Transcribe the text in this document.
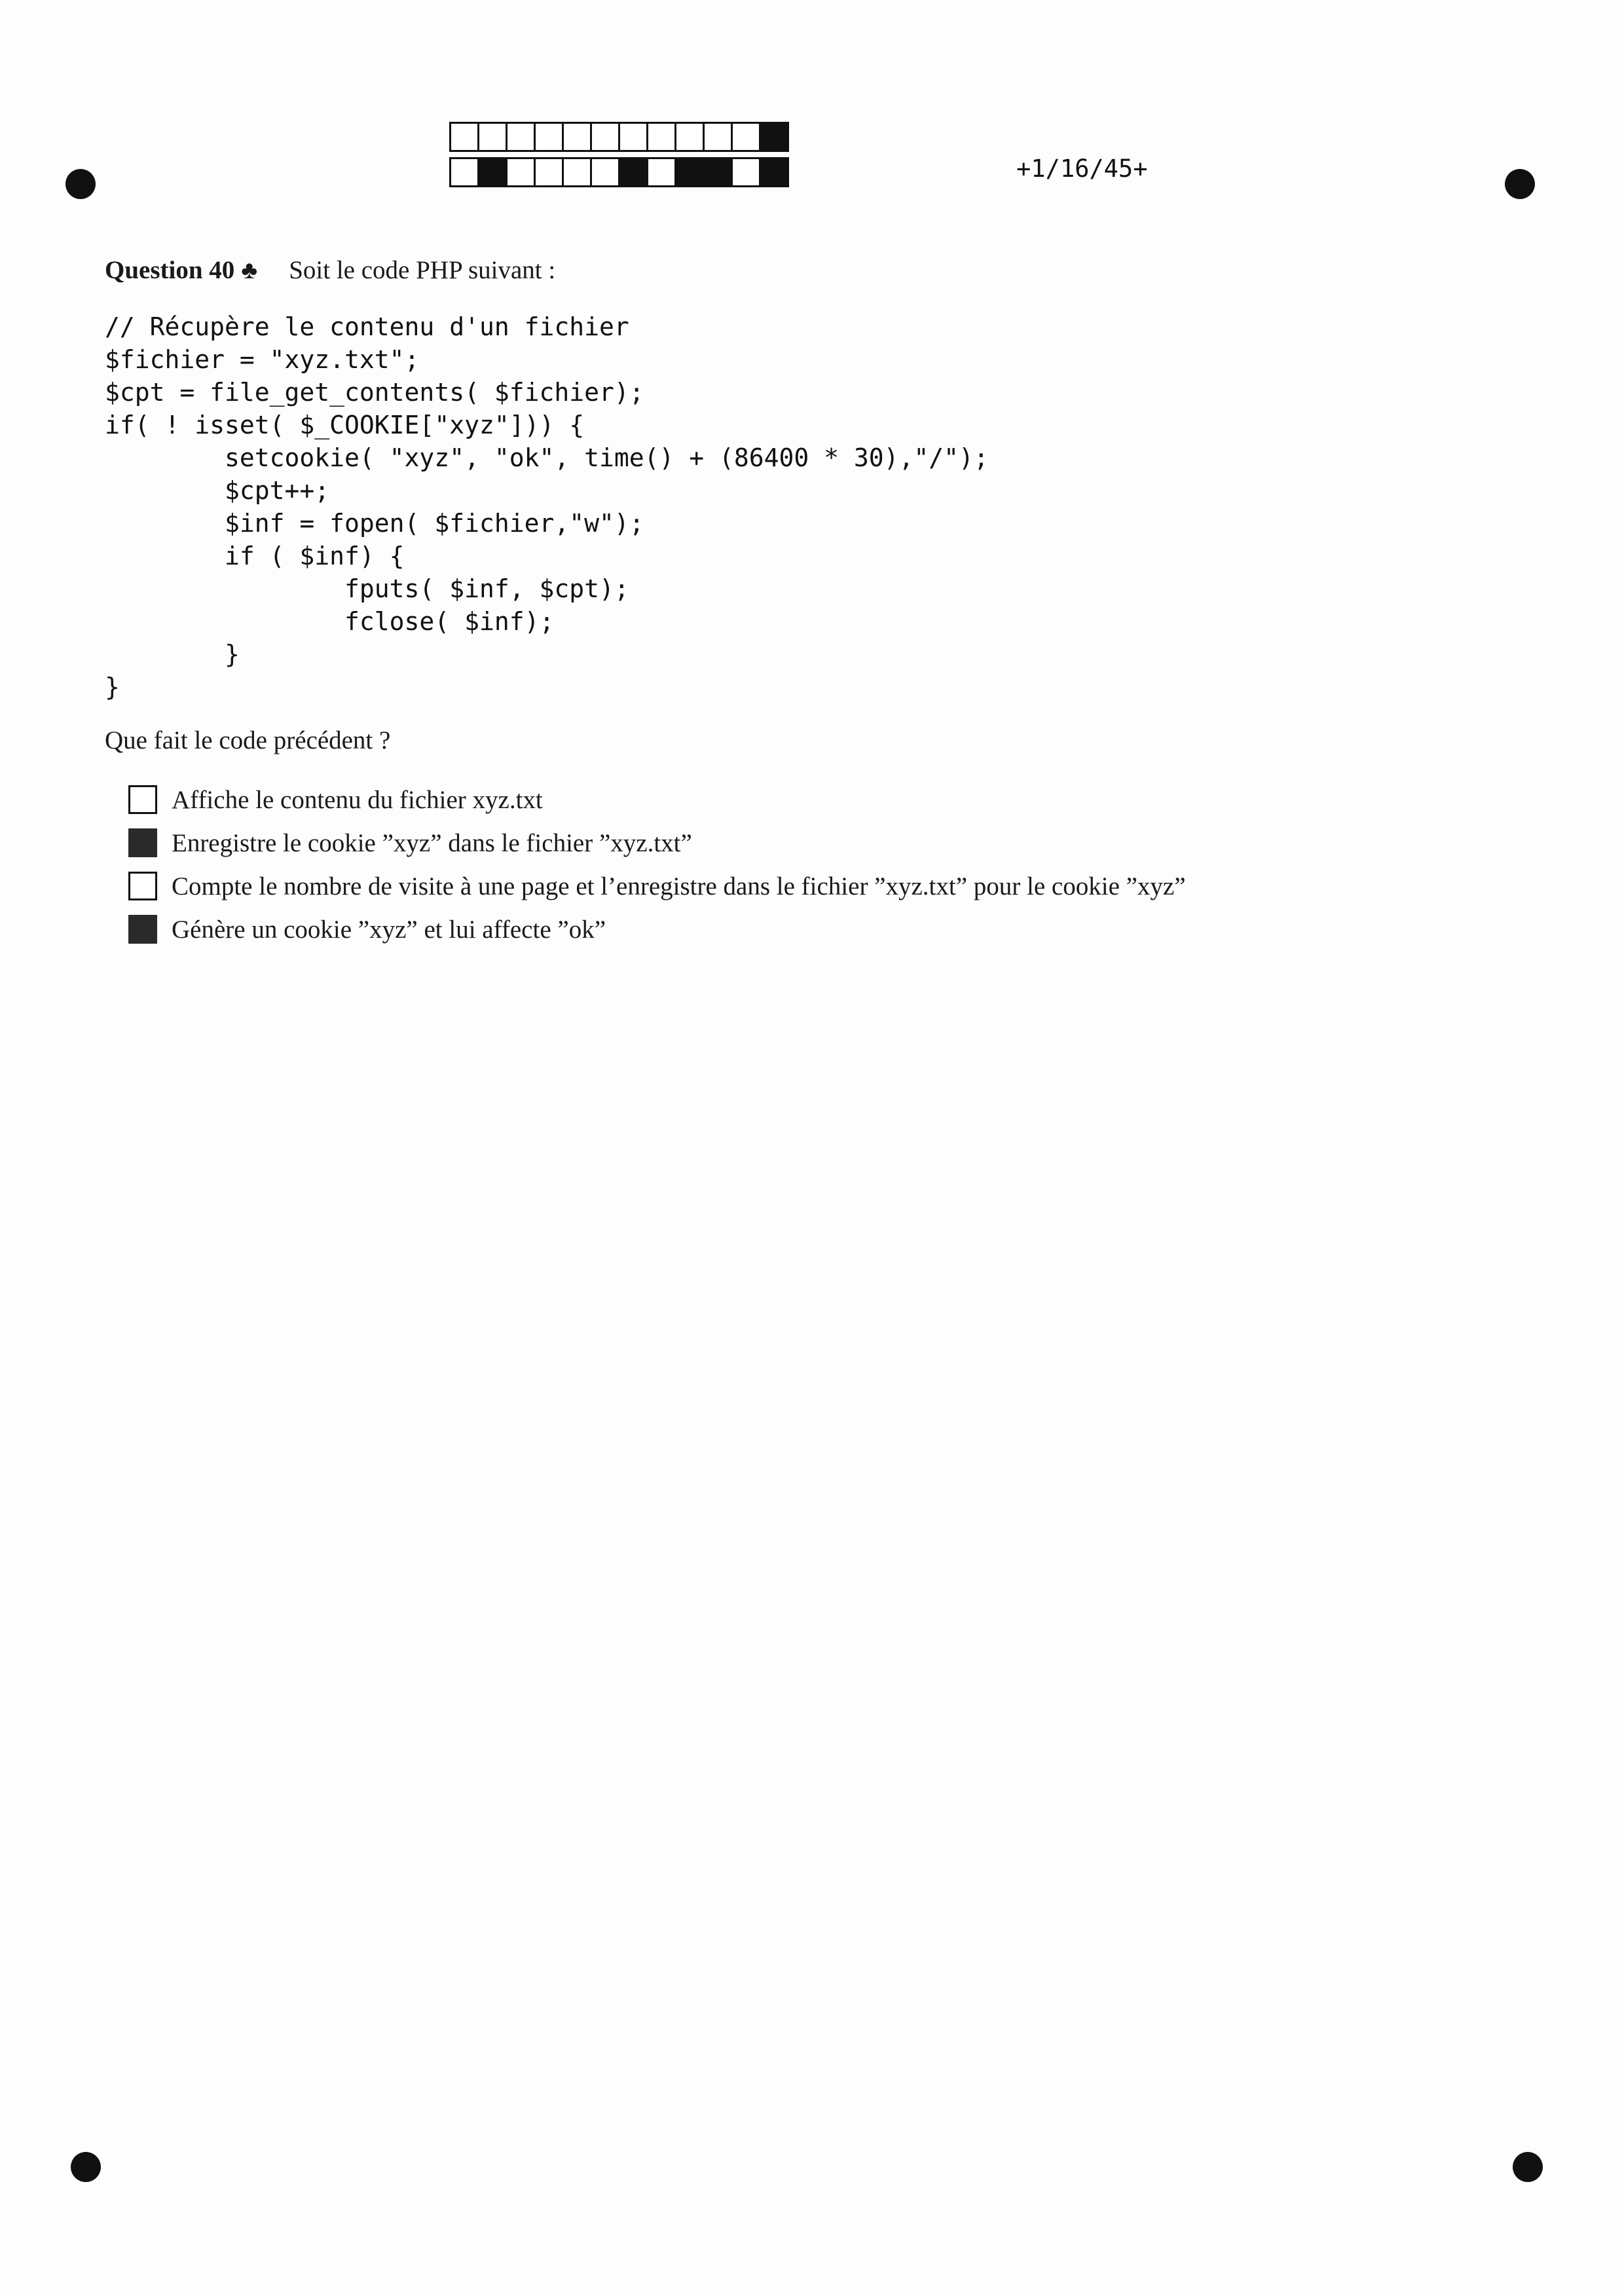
+1/16/45+
Question 40 ♣ Soit le code PHP suivant :
// Récupère le contenu d'un fichier
$fichier = "xyz.txt";
$cpt = file_get_contents( $fichier);
if( ! isset( $_COOKIE["xyz"])) {
setcookie( "xyz", "ok", time() + (86400 * 30),"/");
$cpt++;
$inf = fopen( $fichier,"w");
if ( $inf) {
fputs( $inf, $cpt);
fclose( $inf);
}
}
Que fait le code précédent ?
Affiche le contenu du fichier xyz.txt
Enregistre le cookie ”xyz” dans le fichier ”xyz.txt”
Compte le nombre de visite à une page et l’enregistre dans le fichier ”xyz.txt” pour le cookie ”xyz”
Génère un cookie ”xyz” et lui affecte ”ok”
